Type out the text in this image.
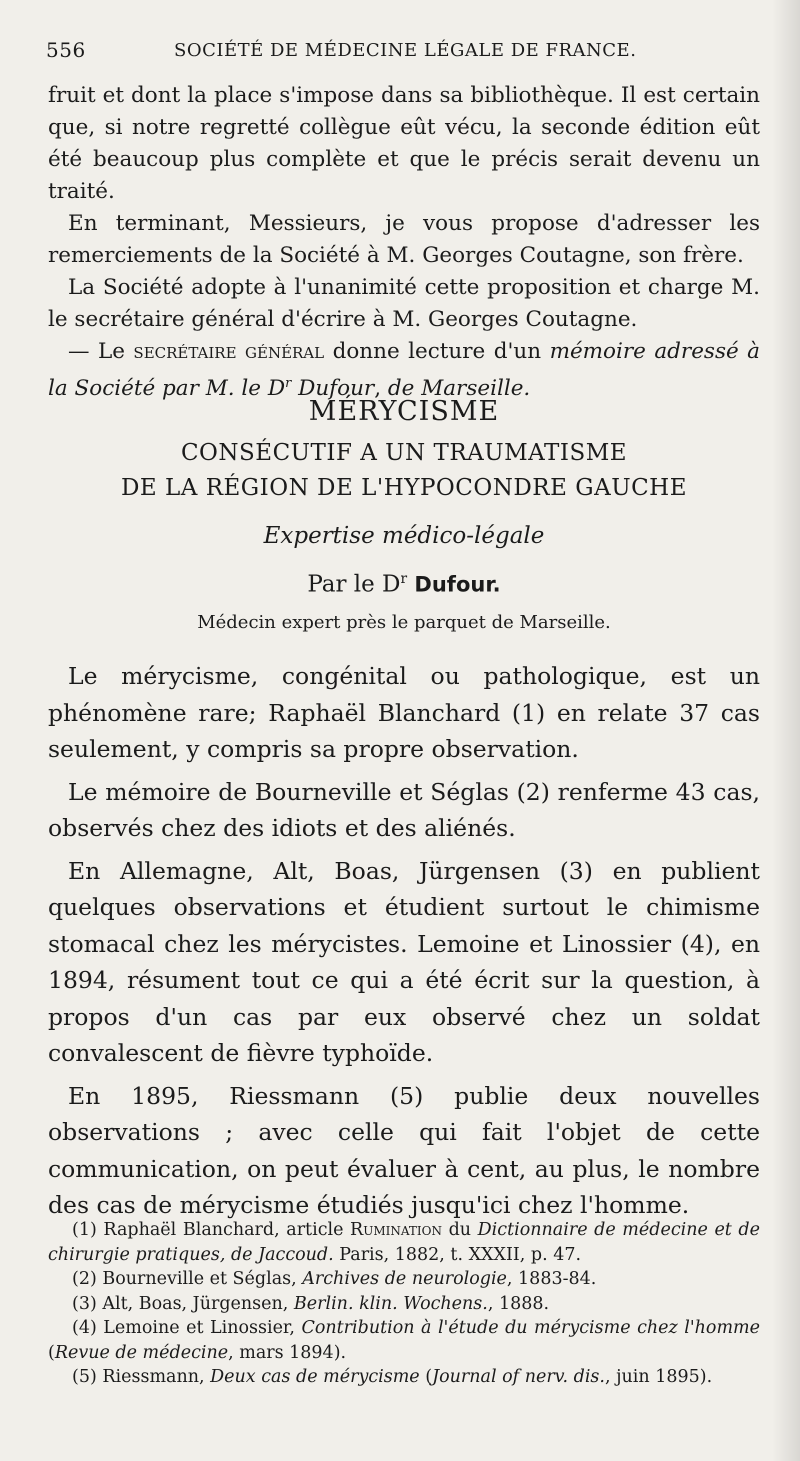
556	SOCIÉTÉ DE MÉDECINE LÉGALE DE FRANCE.

fruit et dont la place s'impose dans sa bibliothèque. Il est certain que, si notre regretté collègue eût vécu, la seconde édition eût été beaucoup plus complète et que le précis serait devenu un traité.

En terminant, Messieurs, je vous propose d'adresser les remerciements de la Société à M. Georges Coutagne, son frère.

La Société adopte à l'unanimité cette proposition et charge M. le secrétaire général d'écrire à M. Georges Coutagne.

— Le secrétaire général donne lecture d'un mémoire adressé à la Société par M. le $D^r$ Dufour, de Marseille.

MÉRYCISME
CONSÉCUTIF A UN TRAUMATISME
DE LA RÉGION DE L'HYPOCONDRE GAUCHE
Expertise médico-légale
Par le $D^r$ Dufour.
Médecin expert près le parquet de Marseille.

Le mérycisme, congénital ou pathologique, est un phénomène rare; Raphaël Blanchard (1) en relate 37 cas seulement, y compris sa propre observation.

Le mémoire de Bourneville et Séglas (2) renferme 43 cas, observés chez des idiots et des aliénés.

En Allemagne, Alt, Boas, Jürgensen (3) en publient quelques observations et étudient surtout le chimisme stomacal chez les mérycistes. Lemoine et Linossier (4), en 1894, résument tout ce qui a été écrit sur la question, à propos d'un cas par eux observé chez un soldat convalescent de fièvre typhoïde.

En 1895, Riessmann (5) publie deux nouvelles observations ; avec celle qui fait l'objet de cette communication, on peut évaluer à cent, au plus, le nombre des cas de mérycisme étudiés jusqu'ici chez l'homme.

(1) Raphaël Blanchard, article Rumination du Dictionnaire de médecine et de chirurgie pratiques, de Jaccoud. Paris, 1882, t. XXXII, p. 47.

(2) Bourneville et Séglas, Archives de neurologie, 1883-84.

(3) Alt, Boas, Jürgensen, Berlin. klin. Wochens., 1888.

(4) Lemoine et Linossier, Contribution à l'étude du mérycisme chez l'homme (Revue de médecine, mars 1894).

(5) Riessmann, Deux cas de mérycisme (Journal of nerv. dis., juin 1895).
